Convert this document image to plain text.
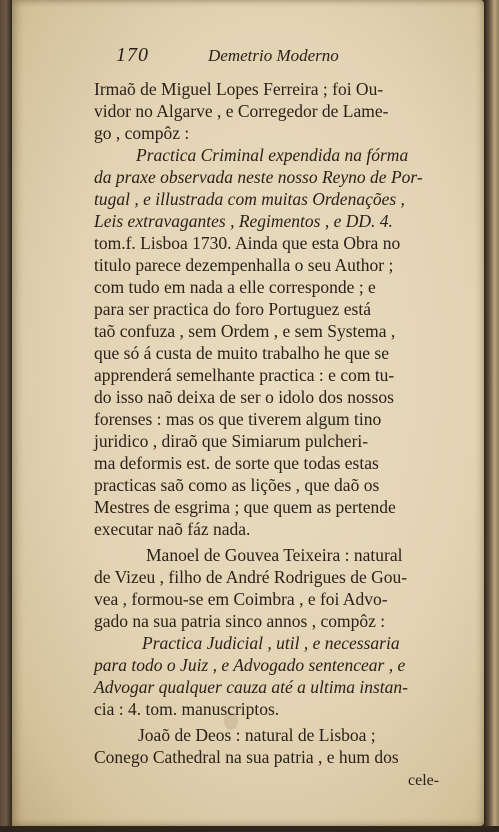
170	Demetrio Moderno
Irmaõ de Miguel Lopes Ferreira ; foi Ou-
vidor no Algarve , e Corregedor de Lame-
go , compôz :
Practica Criminal expendida na fórma
da praxe observada neste nosso Reyno de Por-
tugal , e illustrada com muitas Ordenações ,
Leis extravagantes , Regimentos , e DD. 4.
tom.f. Lisboa 1730. Ainda que esta Obra no
titulo parece dezempenhalla o seu Author ;
com tudo em nada a elle corresponde ; e
para ser practica do foro Portuguez está
taõ confuza , sem Ordem , e sem Systema ,
que só á custa de muito trabalho he que se
apprenderá semelhante practica : e com tu-
do isso naõ deixa de ser o idolo dos nossos
forenses : mas os que tiverem algum tino
juridico , diraõ que Simiarum pulcheri-
ma deformis est. de sorte que todas estas
practicas saõ como as lições , que daõ os
Mestres de esgrima ; que quem as pertende
executar naõ fáz nada.
Manoel de Gouvea Teixeira : natural
de Vizeu , filho de André Rodrigues de Gou-
vea , formou-se em Coimbra , e foi Advo-
gado na sua patria sinco annos , compôz :
Practica Judicial , util , e necessaria
para todo o Juiz , e Advogado sentencear , e
Advogar qualquer cauza até a ultima instan-
cia : 4. tom. manuscriptos.
Joaõ de Deos : natural de Lisboa ;
Conego Cathedral na sua patria , e hum dos
cele-
